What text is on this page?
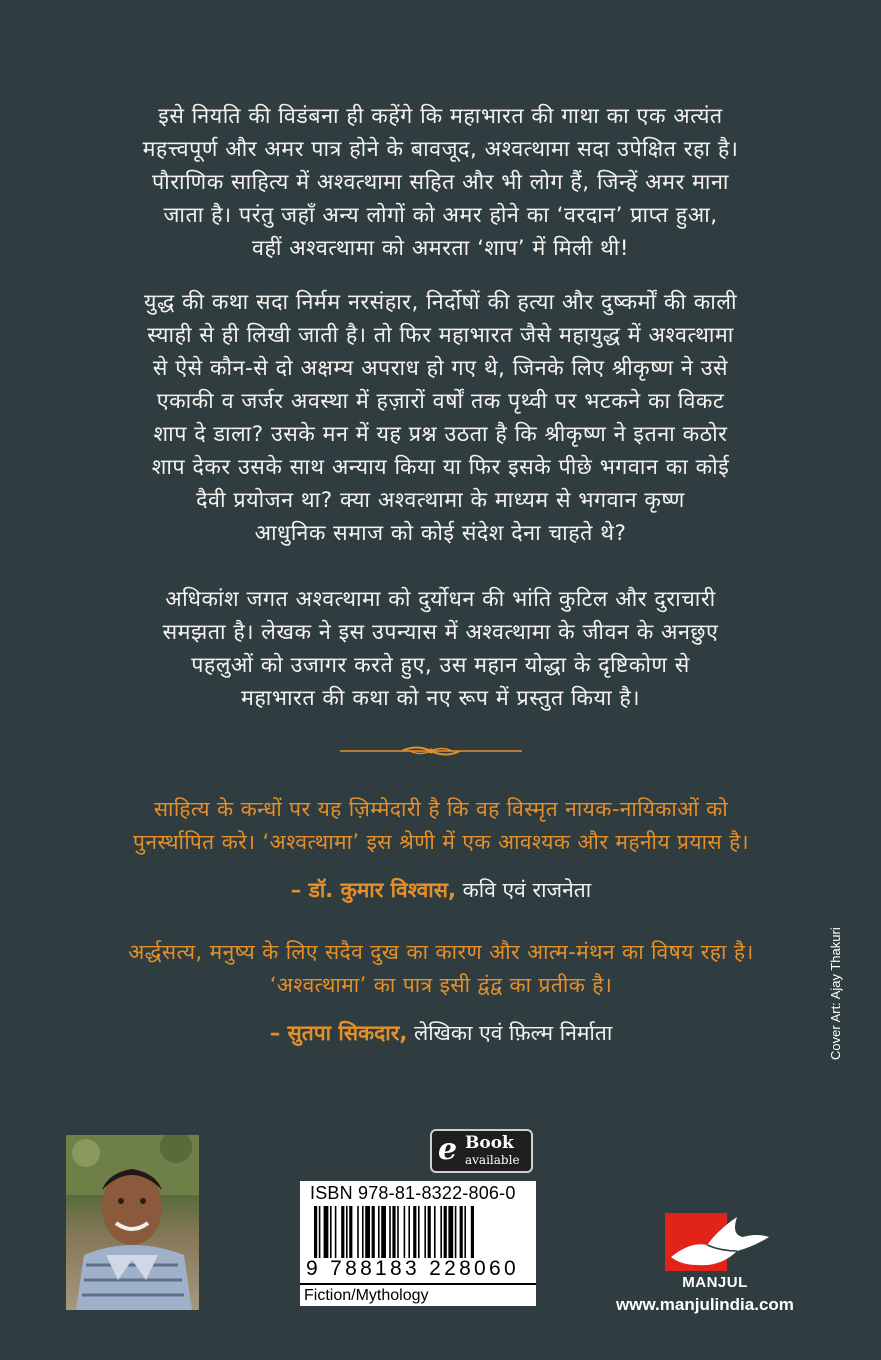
इसे नियति की विडंबना ही कहेंगे कि महाभारत की गाथा का एक अत्यंत
महत्त्वपूर्ण और अमर पात्र होने के बावजूद, अश्वत्थामा सदा उपेक्षित रहा है।
पौराणिक साहित्य में अश्वत्थामा सहित और भी लोग हैं, जिन्हें अमर माना
जाता है। परंतु जहाँ अन्य लोगों को अमर होने का ‘वरदान’ प्राप्त हुआ,
वहीं अश्वत्थामा को अमरता ‘शाप’ में मिली थी!
युद्ध की कथा सदा निर्मम नरसंहार, निर्दोषों की हत्या और दुष्कर्मों की काली
स्याही से ही लिखी जाती है। तो फिर महाभारत जैसे महायुद्ध में अश्वत्थामा
से ऐसे कौन-से दो अक्षम्य अपराध हो गए थे, जिनके लिए श्रीकृष्ण ने उसे
एकाकी व जर्जर अवस्था में हज़ारों वर्षों तक पृथ्वी पर भटकने का विकट
शाप दे डाला? उसके मन में यह प्रश्न उठता है कि श्रीकृष्ण ने इतना कठोर
शाप देकर उसके साथ अन्याय किया या फिर इसके पीछे भगवान का कोई
दैवी प्रयोजन था? क्या अश्वत्थामा के माध्यम से भगवान कृष्ण
आधुनिक समाज को कोई संदेश देना चाहते थे?
अधिकांश जगत अश्वत्थामा को दुर्योधन की भांति कुटिल और दुराचारी
समझता है। लेखक ने इस उपन्यास में अश्वत्थामा के जीवन के अनछुए
पहलुओं को उजागर करते हुए, उस महान योद्धा के दृष्टिकोण से
महाभारत की कथा को नए रूप में प्रस्तुत किया है।
साहित्य के कन्धों पर यह ज़िम्मेदारी है कि वह विस्मृत नायक-नायिकाओं को
पुनर्स्थापित करे। ‘अश्वत्थामा’ इस श्रेणी में एक आवश्यक और महनीय प्रयास है।
– डॉ. कुमार विश्वास, कवि एवं राजनेता
अर्द्धसत्य, मनुष्य के लिए सदैव दुख का कारण और आत्म-मंथन का विषय रहा है।
‘अश्वत्थामा’ का पात्र इसी द्वंद्व का प्रतीक है।
– सुतपा सिकदार, लेखिका एवं फ़िल्म निर्माता	Cover Art: Ajay Thakuri
e Book
available
ISBN 978-81-8322-806-0
9 788183 228060
Fiction/Mythology
MANJUL
www.manjulindia.com
